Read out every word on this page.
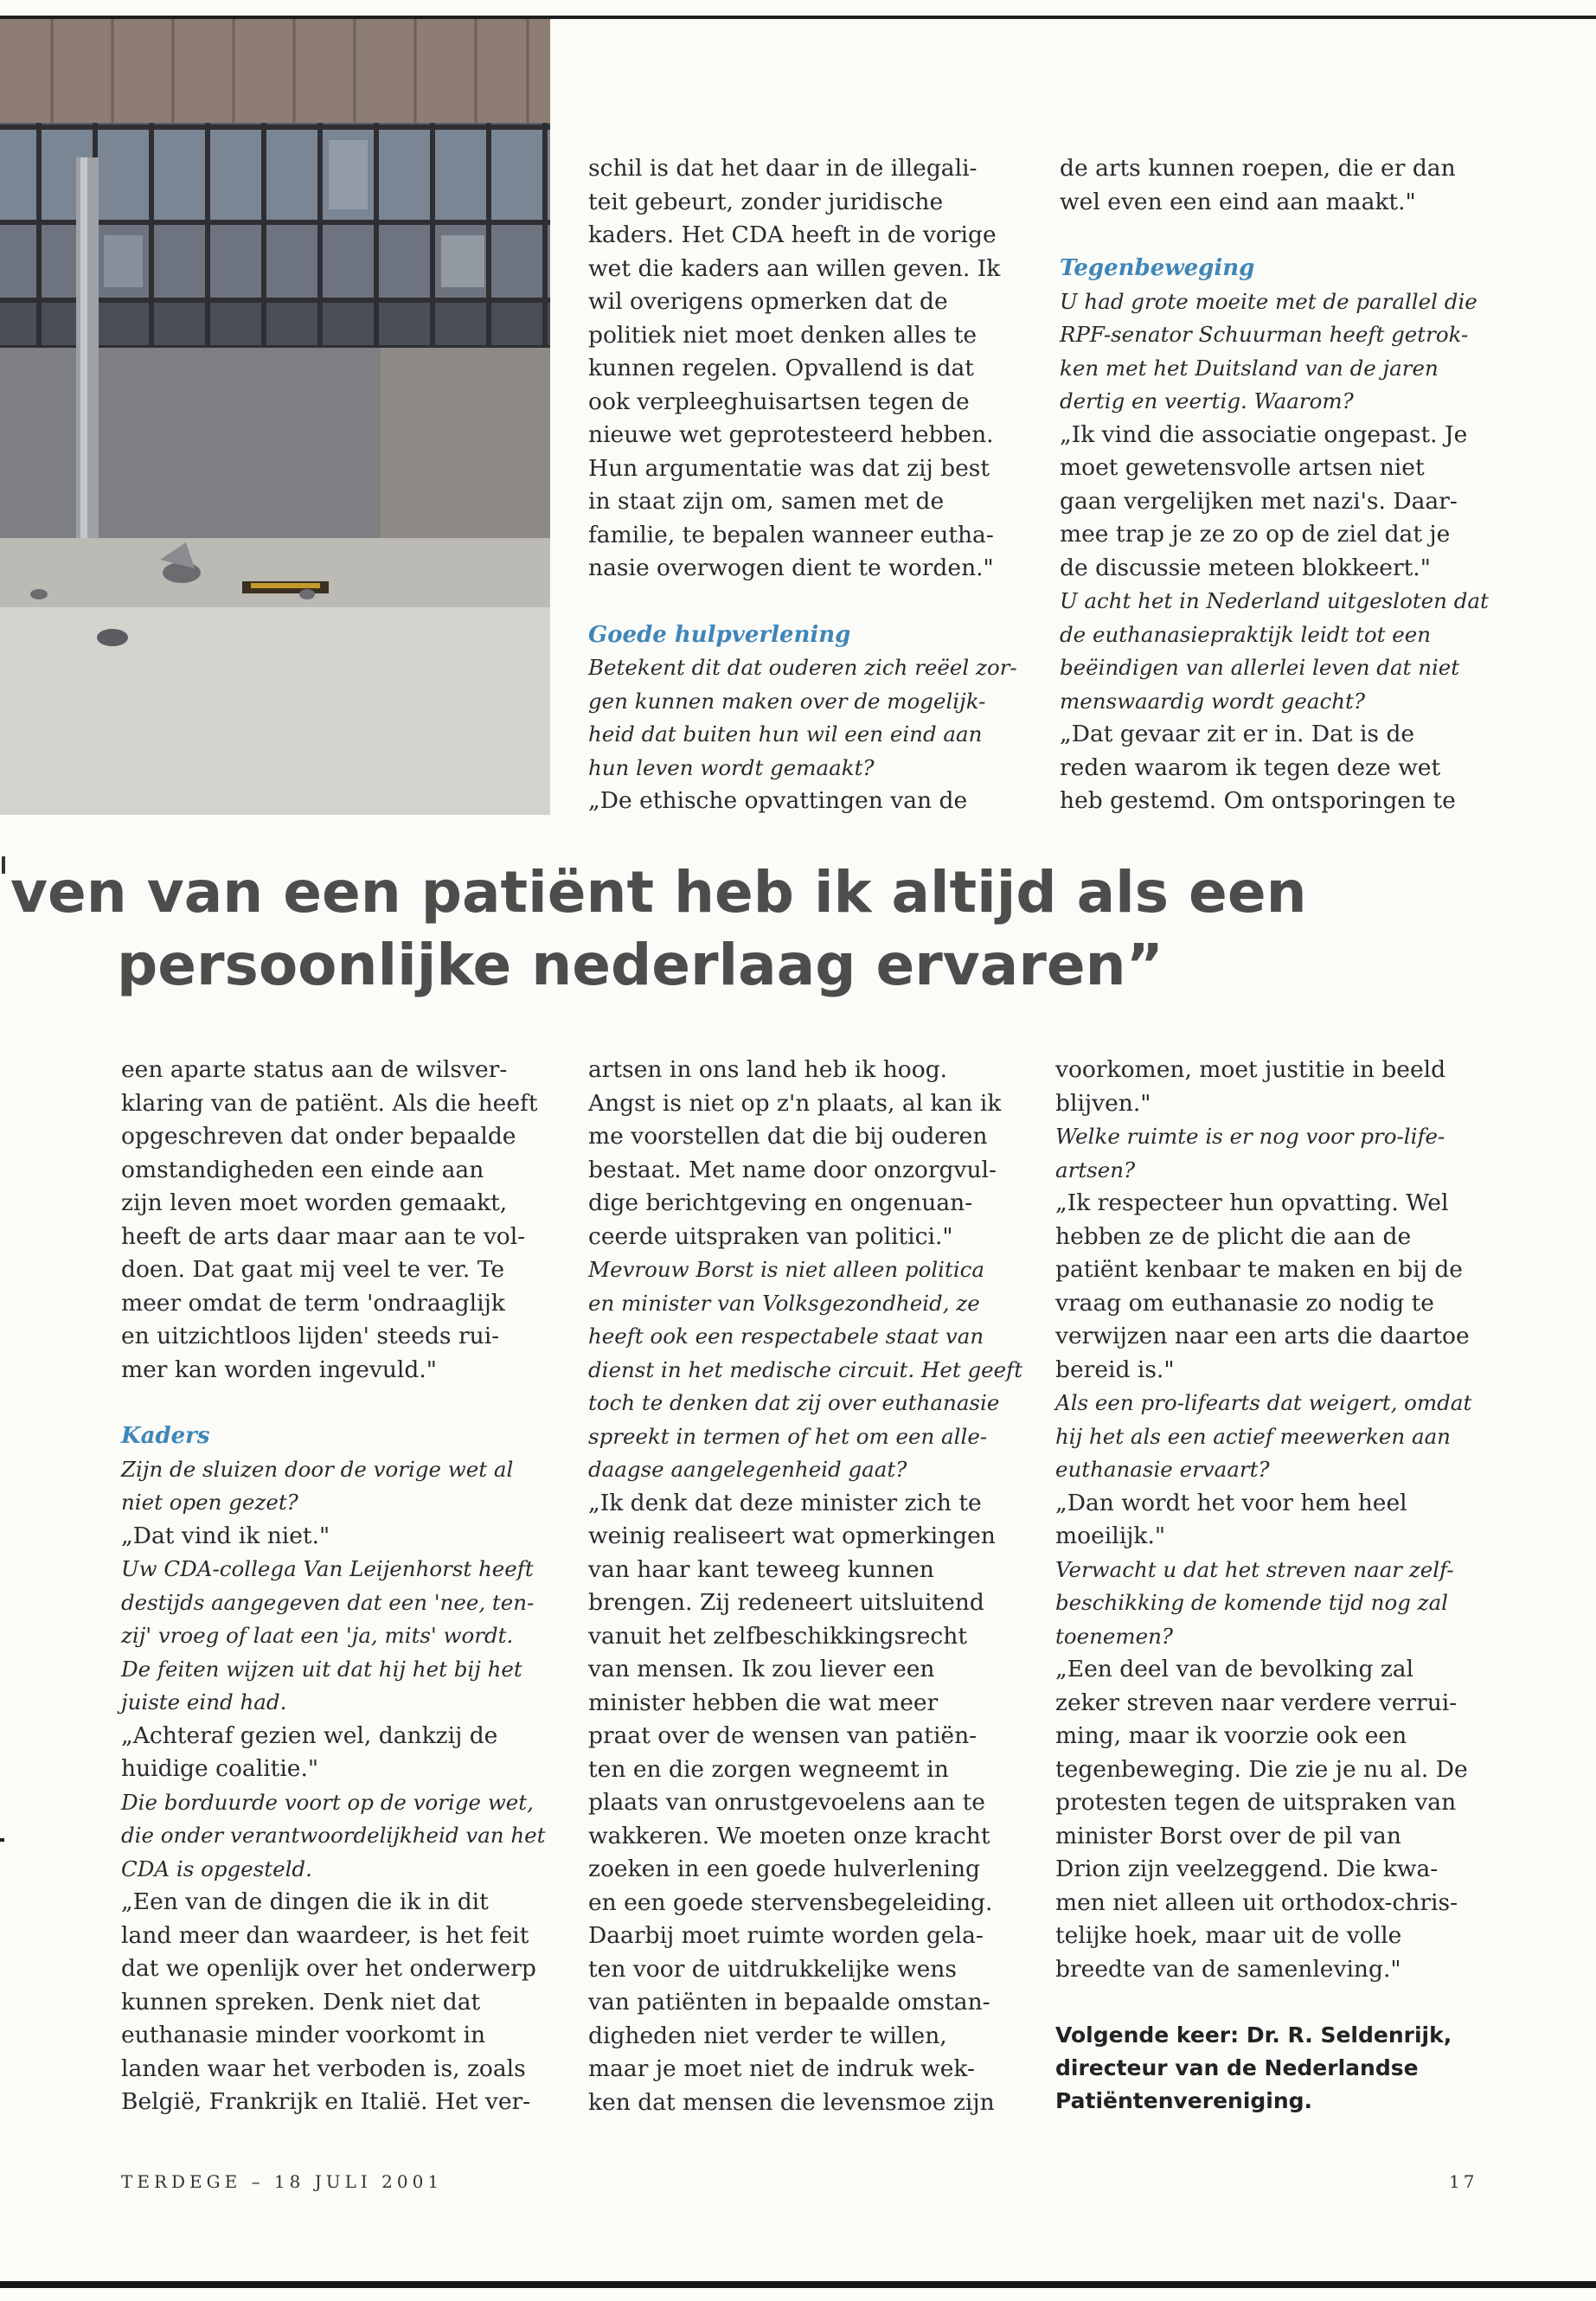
schil is dat het daar in de illegali-

teit gebeurt, zonder juridische

kaders. Het CDA heeft in de vorige

wet die kaders aan willen geven. Ik

wil overigens opmerken dat de

politiek niet moet denken alles te

kunnen regelen. Opvallend is dat

ook verpleeghuisartsen tegen de

nieuwe wet geprotesteerd hebben.

Hun argumentatie was dat zij best

in staat zijn om, samen met de

familie, te bepalen wanneer eutha-

nasie overwogen dient te worden."

Goede hulpverlening

Betekent dit dat ouderen zich reëel zor-

gen kunnen maken over de mogelijk-

heid dat buiten hun wil een eind aan

hun leven wordt gemaakt?

„De ethische opvattingen van de

de arts kunnen roepen, die er dan

wel even een eind aan maakt."

Tegenbeweging

U had grote moeite met de parallel die

RPF-senator Schuurman heeft getrok-

ken met het Duitsland van de jaren

dertig en veertig. Waarom?

„Ik vind die associatie ongepast. Je

moet gewetensvolle artsen niet

gaan vergelijken met nazi's. Daar-

mee trap je ze zo op de ziel dat je

de discussie meteen blokkeert."

U acht het in Nederland uitgesloten dat

de euthanasiepraktijk leidt tot een

beëindigen van allerlei leven dat niet

menswaardig wordt geacht?

„Dat gevaar zit er in. Dat is de

reden waarom ik tegen deze wet

heb gestemd. Om ontsporingen te

ven van een patiënt heb ik altijd als een
persoonlijke nederlaag ervaren”

een aparte status aan de wilsver-

klaring van de patiënt. Als die heeft

opgeschreven dat onder bepaalde

omstandigheden een einde aan

zijn leven moet worden gemaakt,

heeft de arts daar maar aan te vol-

doen. Dat gaat mij veel te ver. Te

meer omdat de term 'ondraaglijk

en uitzichtloos lijden' steeds rui-

mer kan worden ingevuld."

Kaders

Zijn de sluizen door de vorige wet al

niet open gezet?

„Dat vind ik niet."

Uw CDA-collega Van Leijenhorst heeft

destijds aangegeven dat een 'nee, ten-

zij' vroeg of laat een 'ja, mits' wordt.

De feiten wijzen uit dat hij het bij het

juiste eind had.

„Achteraf gezien wel, dankzij de

huidige coalitie."

Die borduurde voort op de vorige wet,

die onder verantwoordelijkheid van het

CDA is opgesteld.

„Een van de dingen die ik in dit

land meer dan waardeer, is het feit

dat we openlijk over het onderwerp

kunnen spreken. Denk niet dat

euthanasie minder voorkomt in

landen waar het verboden is, zoals

België, Frankrijk en Italië. Het ver-

artsen in ons land heb ik hoog.

Angst is niet op z'n plaats, al kan ik

me voorstellen dat die bij ouderen

bestaat. Met name door onzorgvul-

dige berichtgeving en ongenuan-

ceerde uitspraken van politici."

Mevrouw Borst is niet alleen politica

en minister van Volksgezondheid, ze

heeft ook een respectabele staat van

dienst in het medische circuit. Het geeft

toch te denken dat zij over euthanasie

spreekt in termen of het om een alle-

daagse aangelegenheid gaat?

„Ik denk dat deze minister zich te

weinig realiseert wat opmerkingen

van haar kant teweeg kunnen

brengen. Zij redeneert uitsluitend

vanuit het zelfbeschikkingsrecht

van mensen. Ik zou liever een

minister hebben die wat meer

praat over de wensen van patiën-

ten en die zorgen wegneemt in

plaats van onrustgevoelens aan te

wakkeren. We moeten onze kracht

zoeken in een goede hulverlening

en een goede stervensbegeleiding.

Daarbij moet ruimte worden gela-

ten voor de uitdrukkelijke wens

van patiënten in bepaalde omstan-

digheden niet verder te willen,

maar je moet niet de indruk wek-

ken dat mensen die levensmoe zijn

voorkomen, moet justitie in beeld

blijven."

Welke ruimte is er nog voor pro-life-

artsen?

„Ik respecteer hun opvatting. Wel

hebben ze de plicht die aan de

patiënt kenbaar te maken en bij de

vraag om euthanasie zo nodig te

verwijzen naar een arts die daartoe

bereid is."

Als een pro-lifearts dat weigert, omdat

hij het als een actief meewerken aan

euthanasie ervaart?

„Dan wordt het voor hem heel

moeilijk."

Verwacht u dat het streven naar zelf-

beschikking de komende tijd nog zal

toenemen?

„Een deel van de bevolking zal

zeker streven naar verdere verrui-

ming, maar ik voorzie ook een

tegenbeweging. Die zie je nu al. De

protesten tegen de uitspraken van

minister Borst over de pil van

Drion zijn veelzeggend. Die kwa-

men niet alleen uit orthodox-chris-

telijke hoek, maar uit de volle

breedte van de samenleving."

Volgende keer: Dr. R. Seldenrijk,

directeur van de Nederlandse

Patiëntenvereniging.

TERDEGE – 18 JULI 2001	17
